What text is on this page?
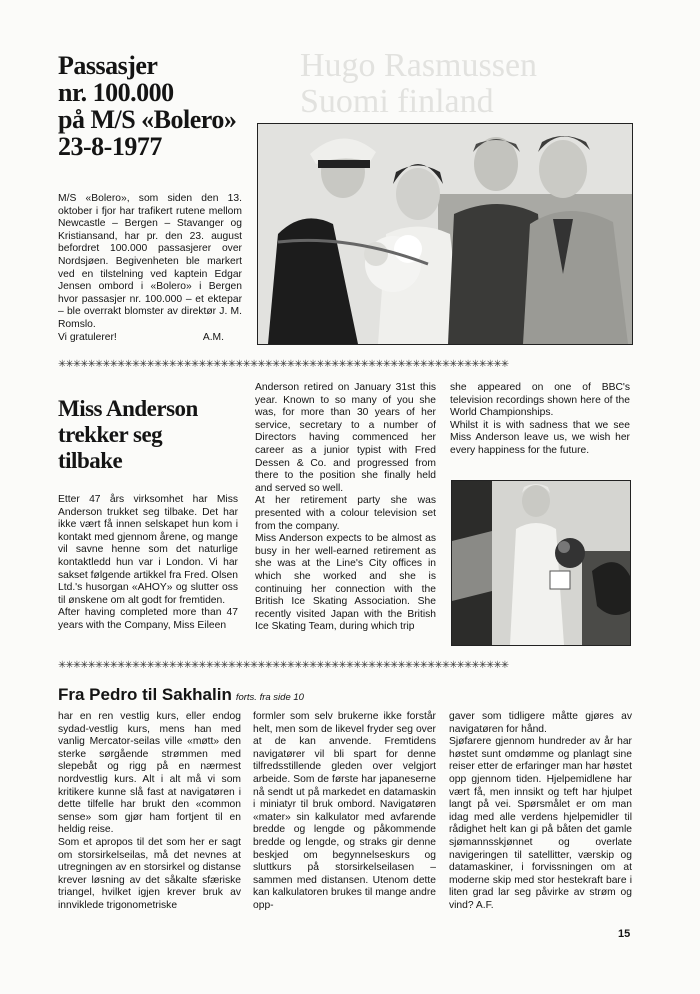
Hugo Rasmussen
Suomi finland
Passasjer
nr. 100.000
på M/S «Bolero»
23-8-1977

M/S «Bolero», som siden den 13. oktober i fjor har trafikert rutene mellom Newcastle – Bergen – Stavanger og Kristiansand, har pr. den 23. august befordret 100.000 passasjerer over Nordsjøen. Begivenheten ble markert ved en tilstelning ved kaptein Edgar Jensen ombord i «Bolero» i Bergen hvor passasjer nr. 100.000 – et ektepar – ble overrakt blomster av direktør J. M. Romslo.

Vi gratulerer!	A.M.
✳✳✳✳✳✳✳✳✳✳✳✳✳✳✳✳✳✳✳✳✳✳✳✳✳✳✳✳✳✳✳✳✳✳✳✳✳✳✳✳✳✳✳✳✳✳✳✳✳✳✳✳✳✳✳✳✳✳✳✳✳
Miss Anderson
trekker seg
tilbake

Etter 47 års virksomhet har Miss Anderson trukket seg tilbake. Det har ikke vært få innen selskapet hun kom i kontakt med gjennom årene, og mange vil savne henne som det naturlige kontaktledd hun var i London. Vi har sakset følgende artikkel fra Fred. Olsen Ltd.'s husorgan «AHOY» og slutter oss til ønskene om alt godt for fremtiden.

After having completed more than 47 years with the Company, Miss Eileen

Anderson retired on January 31st this year. Known to so many of you she was, for more than 30 years of her service, secretary to a number of Directors having commenced her career as a junior typist with Fred Dessen & Co. and progressed from there to the position she finally held and served so well.

At her retirement party she was presented with a colour television set from the company.

Miss Anderson expects to be almost as busy in her well-earned retirement as she was at the Line's City offices in which she worked and she is continuing her connection with the British Ice Skating Association. She recently visited Japan with the British Ice Skating Team, during which trip

she appeared on one of BBC's television recordings shown here of the World Championships.

Whilst it is with sadness that we see Miss Anderson leave us, we wish her every happiness for the future.

✳✳✳✳✳✳✳✳✳✳✳✳✳✳✳✳✳✳✳✳✳✳✳✳✳✳✳✳✳✳✳✳✳✳✳✳✳✳✳✳✳✳✳✳✳✳✳✳✳✳✳✳✳✳✳✳✳✳✳✳✳
Fra Pedro til Sakhalin forts. fra side 10

har en ren vestlig kurs, eller endog sydad-vestlig kurs, mens han med vanlig Mercator-seilas ville «møtt» den sterke sørgående strømmen med slepebåt og rigg på en nærmest nordvestlig kurs. Alt i alt må vi som kritikere kunne slå fast at navigatøren i dette tilfelle har brukt den «common sense» som gjør ham fortjent til en heldig reise.

Som et apropos til det som her er sagt om storsirkelseilas, må det nevnes at utregningen av en storsirkel og distanse krever løsning av det såkalte sfæriske triangel, hvilket igjen krever bruk av innviklede trigonometriske

formler som selv brukerne ikke forstår helt, men som de likevel fryder seg over at de kan anvende. Fremtidens navigatører vil bli spart for denne tilfredsstillende gleden over velgjort arbeide. Som de første har japaneserne nå sendt ut på markedet en datamaskin i miniatyr til bruk ombord. Navigatøren «mater» sin kalkulator med avfarende bredde og lengde og påkommende bredde og lengde, og straks gir denne beskjed om begynnelseskurs og sluttkurs på storsirkelseilasen – sammen med distansen. Utenom dette kan kalkulatoren brukes til mange andre opp-

gaver som tidligere måtte gjøres av navigatøren for hånd.

Sjøfarere gjennom hundreder av år har høstet sunt omdømme og planlagt sine reiser etter de erfaringer man har høstet opp gjennom tiden. Hjelpemidlene har vært få, men innsikt og teft har hjulpet langt på vei. Spørsmålet er om man idag med alle verdens hjelpemidler til rådighet helt kan gi på båten det gamle sjømannsskjønnet og overlate navigeringen til satellitter, værskip og datamaskiner, i forvissningen om at moderne skip med stor hestekraft bare i liten grad lar seg påvirke av strøm og vind? A.F.

15
